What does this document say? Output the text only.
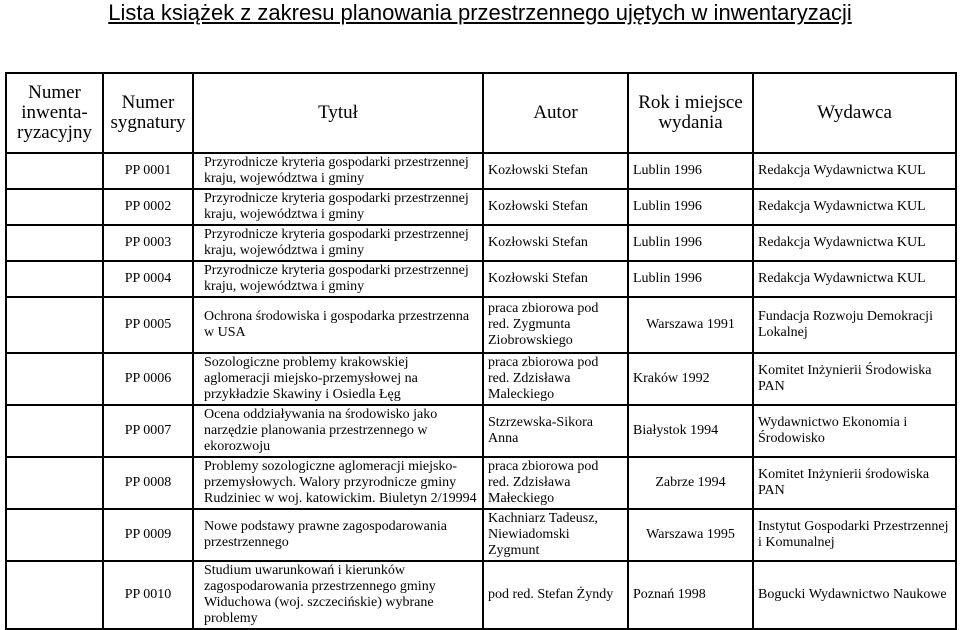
Lista książek z zakresu planowania przestrzennego ujętych w inwentaryzacji
Numer inwenta-ryzacyjny	Numer sygnatury	Tytuł	Autor	Rok i miejsce wydania	Wydawca
	PP 0001	Przyrodnicze kryteria gospodarki przestrzennej kraju, województwa i gminy	Kozłowski Stefan	Lublin 1996	Redakcja Wydawnictwa KUL
	PP 0002	Przyrodnicze kryteria gospodarki przestrzennej kraju, województwa i gminy	Kozłowski Stefan	Lublin 1996	Redakcja Wydawnictwa KUL
	PP 0003	Przyrodnicze kryteria gospodarki przestrzennej kraju, województwa i gminy	Kozłowski Stefan	Lublin 1996	Redakcja Wydawnictwa KUL
	PP 0004	Przyrodnicze kryteria gospodarki przestrzennej kraju, województwa i gminy	Kozłowski Stefan	Lublin 1996	Redakcja Wydawnictwa KUL
	PP 0005	Ochrona środowiska i gospodarka przestrzenna w USA	praca zbiorowa pod red. Zygmunta Ziobrowskiego	Warszawa 1991	Fundacja Rozwoju Demokracji Lokalnej
	PP 0006	Sozologiczne problemy krakowskiej aglomeracji miejsko-przemysłowej na przykładzie Skawiny i Osiedla Łęg	praca zbiorowa pod red. Zdzisława Maleckiego	Kraków 1992	Komitet Inżynierii Środowiska PAN
	PP 0007	Ocena oddziaływania na środowisko jako narzędzie planowania przestrzennego w ekorozwoju	Stzrzewska-Sikora Anna	Białystok 1994	Wydawnictwo Ekonomia i Środowisko
	PP 0008	Problemy sozologiczne aglomeracji miejsko-przemysłowych. Walory przyrodnicze gminy Rudziniec w woj. katowickim. Biuletyn 2/19994	praca zbiorowa pod red. Zdzisława Małeckiego	Zabrze 1994	Komitet Inżynierii środowiska PAN
	PP 0009	Nowe podstawy prawne zagospodarowania przestrzennego	Kachniarz Tadeusz, Niewiadomski Zygmunt	Warszawa 1995	Instytut Gospodarki Przestrzennej i Komunalnej
	PP 0010	Studium uwarunkowań i kierunków zagospodarowania przestrzennego gminy Widuchowa (woj. szczecińskie) wybrane problemy	pod red. Stefan Żyndy	Poznań 1998	Bogucki Wydawnictwo Naukowe
